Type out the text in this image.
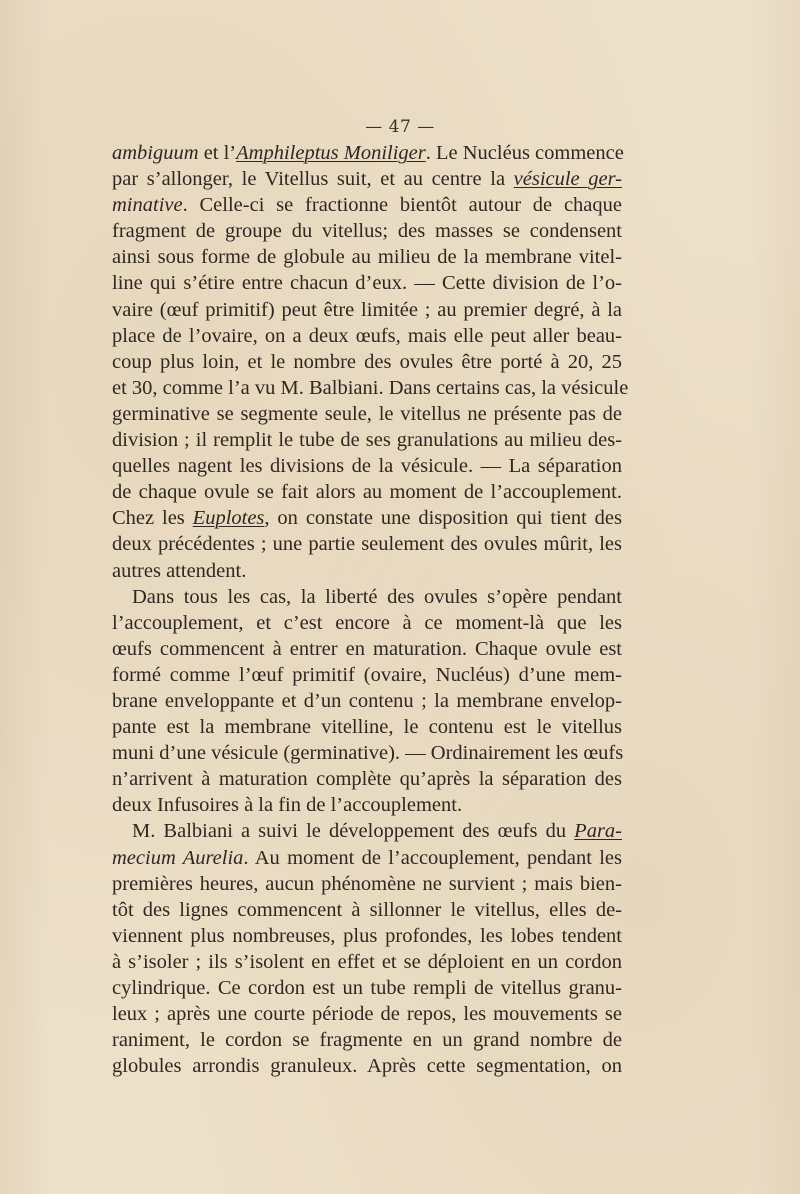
— 47 —
ambiguum et l’Amphileptus Moniliger. Le Nucléus commence
par s’allonger, le Vitellus suit, et au centre la vésicule ger-
minative. Celle-ci se fractionne bientôt autour de chaque
fragment de groupe du vitellus; des masses se condensent
ainsi sous forme de globule au milieu de la membrane vitel-
line qui s’étire entre chacun d’eux. — Cette division de l’o-
vaire (œuf primitif) peut être limitée ; au premier degré, à la
place de l’ovaire, on a deux œufs, mais elle peut aller beau-
coup plus loin, et le nombre des ovules être porté à 20, 25
et 30, comme l’a vu M. Balbiani. Dans certains cas, la vésicule
germinative se segmente seule, le vitellus ne présente pas de
division ; il remplit le tube de ses granulations au milieu des-
quelles nagent les divisions de la vésicule. — La séparation
de chaque ovule se fait alors au moment de l’accouplement.
Chez les Euplotes, on constate une disposition qui tient des
deux précédentes ; une partie seulement des ovules mûrit, les
autres attendent.
Dans tous les cas, la liberté des ovules s’opère pendant
l’accouplement, et c’est encore à ce moment-là que les
œufs commencent à entrer en maturation. Chaque ovule est
formé comme l’œuf primitif (ovaire, Nucléus) d’une mem-
brane enveloppante et d’un contenu ; la membrane envelop-
pante est la membrane vitelline, le contenu est le vitellus
muni d’une vésicule (germinative). — Ordinairement les œufs
n’arrivent à maturation complète qu’après la séparation des
deux Infusoires à la fin de l’accouplement.
M. Balbiani a suivi le développement des œufs du Para-
mecium Aurelia. Au moment de l’accouplement, pendant les
premières heures, aucun phénomène ne survient ; mais bien-
tôt des lignes commencent à sillonner le vitellus, elles de-
viennent plus nombreuses, plus profondes, les lobes tendent
à s’isoler ; ils s’isolent en effet et se déploient en un cordon
cylindrique. Ce cordon est un tube rempli de vitellus granu-
leux ; après une courte période de repos, les mouvements se
raniment, le cordon se fragmente en un grand nombre de
globules arrondis granuleux. Après cette segmentation, on
